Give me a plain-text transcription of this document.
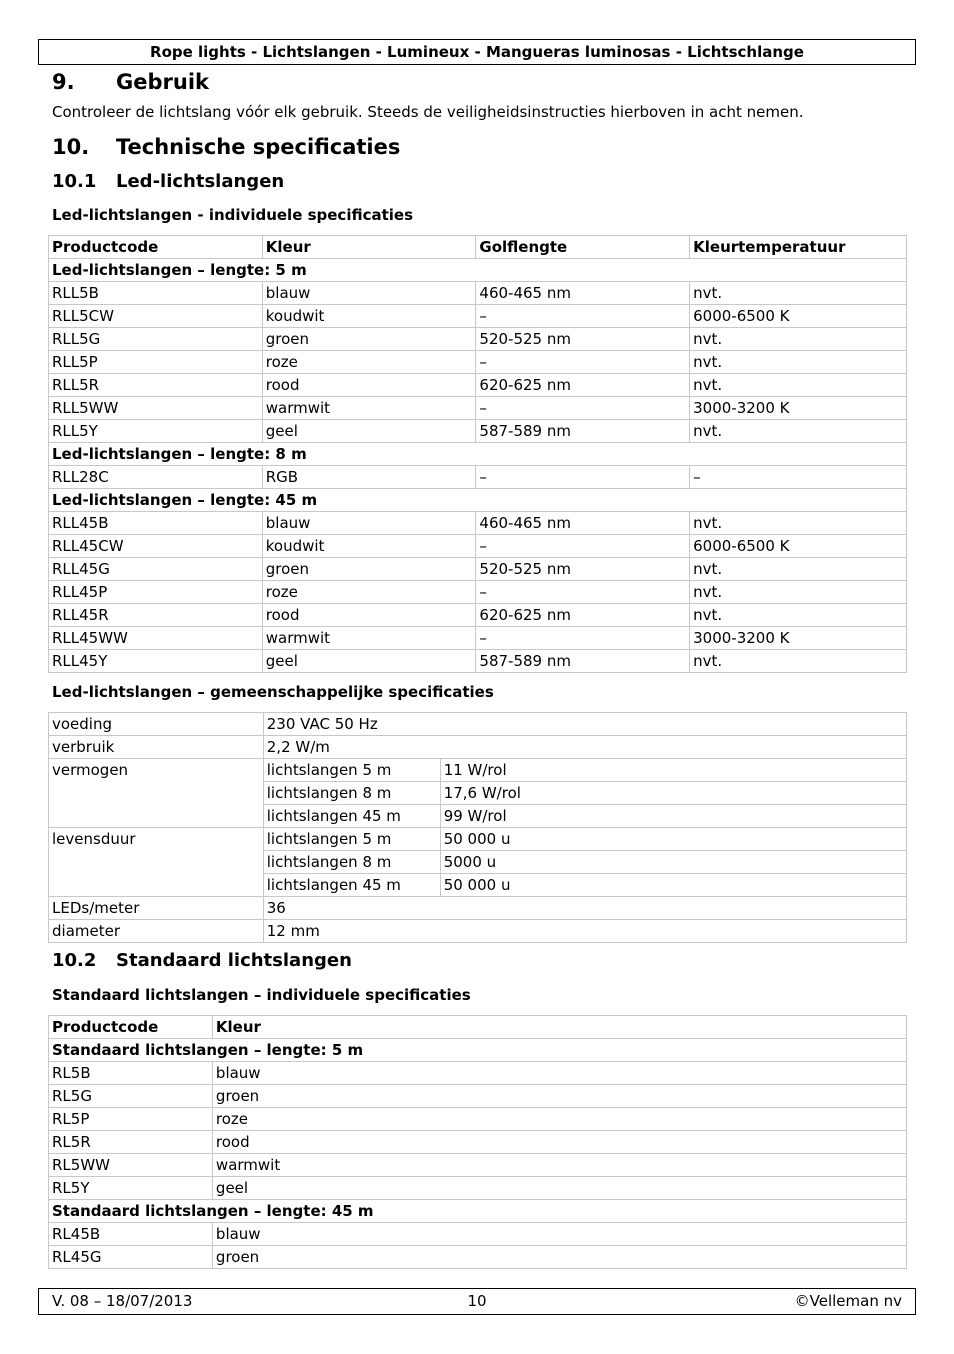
Rope lights - Lichtslangen - Lumineux - Mangueras luminosas - Lichtschlange
9. Gebruik
Controleer de lichtslang vóór elk gebruik. Steeds de veiligheidsinstructies hierboven in acht nemen.
10. Technische specificaties
10.1 Led-lichtslangen
Led-lichtslangen - individuele specificaties
Productcode	Kleur	Golflengte	Kleurtemperatuur
Led-lichtslangen – lengte: 5 m			
RLL5B	blauw	460-465 nm	nvt.
RLL5CW	koudwit	–	6000-6500 K
RLL5G	groen	520-525 nm	nvt.
RLL5P	roze	–	nvt.
RLL5R	rood	620-625 nm	nvt.
RLL5WW	warmwit	–	3000-3200 K
RLL5Y	geel	587-589 nm	nvt.
Led-lichtslangen – lengte: 8 m			
RLL28C	RGB	–	–
Led-lichtslangen – lengte: 45 m			
RLL45B	blauw	460-465 nm	nvt.
RLL45CW	koudwit	–	6000-6500 K
RLL45G	groen	520-525 nm	nvt.
RLL45P	roze	–	nvt.
RLL45R	rood	620-625 nm	nvt.
RLL45WW	warmwit	–	3000-3200 K
RLL45Y	geel	587-589 nm	nvt.
Led-lichtslangen – gemeenschappelijke specificaties
voeding	230 VAC 50 Hz	
verbruik	2,2 W/m	
vermogen	lichtslangen 5 m	11 W/rol
	lichtslangen 8 m	17,6 W/rol
	lichtslangen 45 m	99 W/rol
levensduur	lichtslangen 5 m	50 000 u
	lichtslangen 8 m	5000 u
	lichtslangen 45 m	50 000 u
LEDs/meter	36	
diameter	12 mm	
10.2 Standaard lichtslangen
Standaard lichtslangen – individuele specificaties
Productcode	Kleur
Standaard lichtslangen – lengte: 5 m	
RL5B	blauw
RL5G	groen
RL5P	roze
RL5R	rood
RL5WW	warmwit
RL5Y	geel
Standaard lichtslangen – lengte: 45 m	
RL45B	blauw
RL45G	groen
V. 08 – 18/07/2013	10	©Velleman nv
